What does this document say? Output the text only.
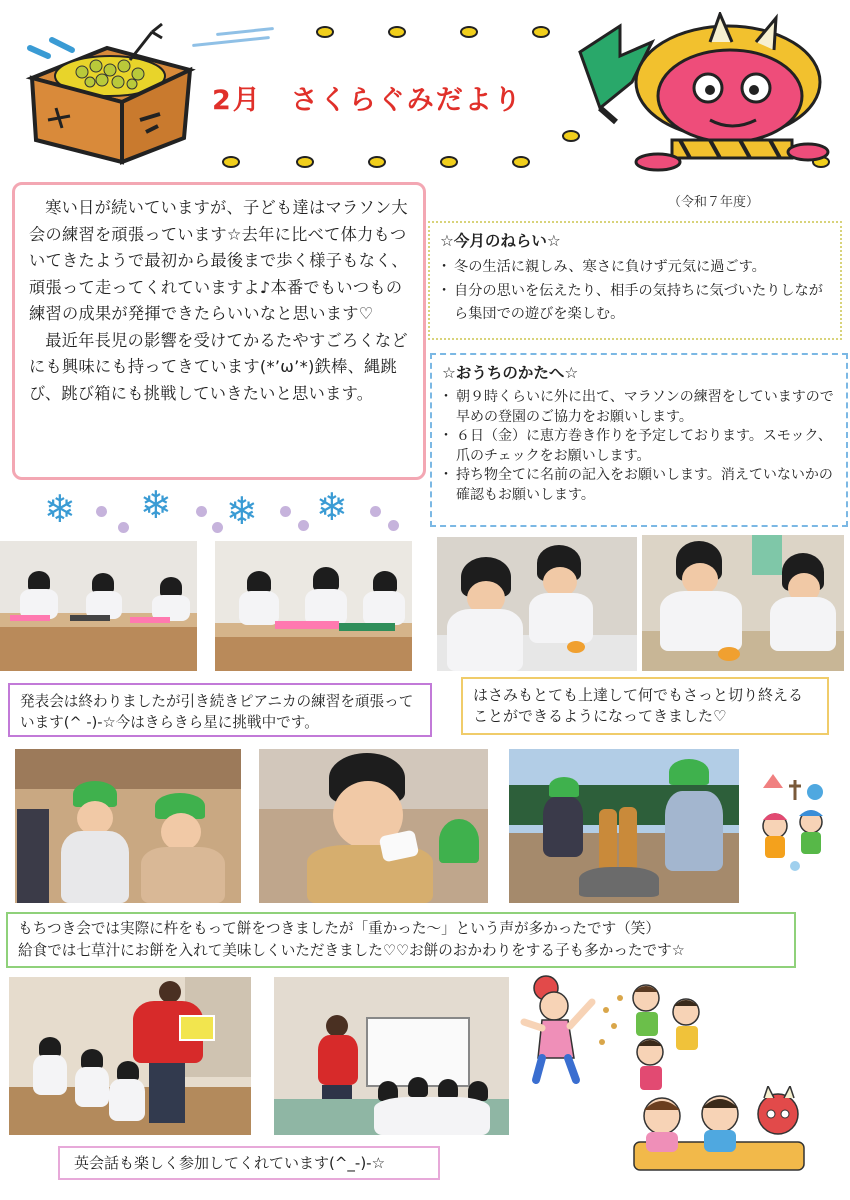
2月　さくらぐみだより
（令和７年度）

寒い日が続いていますが、子ども達はマラソン大会の練習を頑張っています☆去年に比べて体力もついてきたようで最初から最後まで歩く様子もなく、頑張って走ってくれていますよ♪本番でもいつもの練習の成果が発揮できたらいいなと思います♡

最近年長児の影響を受けてかるたやすごろくなどにも興味にも持ってきています(*’ω’*)鉄棒、縄跳び、跳び箱にも挑戦していきたいと思います。

☆今月のねらい☆
・ 冬の生活に親しみ、寒さに負けず元気に過ごす。
・ 自分の思いを伝えたり、相手の気持ちに気づいたりしながら集団での遊びを楽しむ。
☆おうちのかたへ☆
・ 朝９時くらいに外に出て、マラソンの練習をしていますので早めの登園のご協力をお願いします。
・ ６日（金）に恵方巻き作りを予定しております。スモック、爪のチェックをお願いします。
・ 持ち物全てに名前の記入をお願いします。消えていないかの確認もお願いします。
❄ ❄ ❄ ❄
発表会は終わりましたが引き続きピアニカの練習を頑張っています(^ -)-☆今はきらきら星に挑戦中です。
はさみもとても上達して何でもさっと切り終えることができるようになってきました♡
もちつき会では実際に杵をもって餅をつきましたが「重かった～」という声が多かったです（笑）
給食では七草汁にお餅を入れて美味しくいただきました♡♡お餅のおかわりをする子も多かったです☆
英会話も楽しく参加してくれています(^_-)-☆
